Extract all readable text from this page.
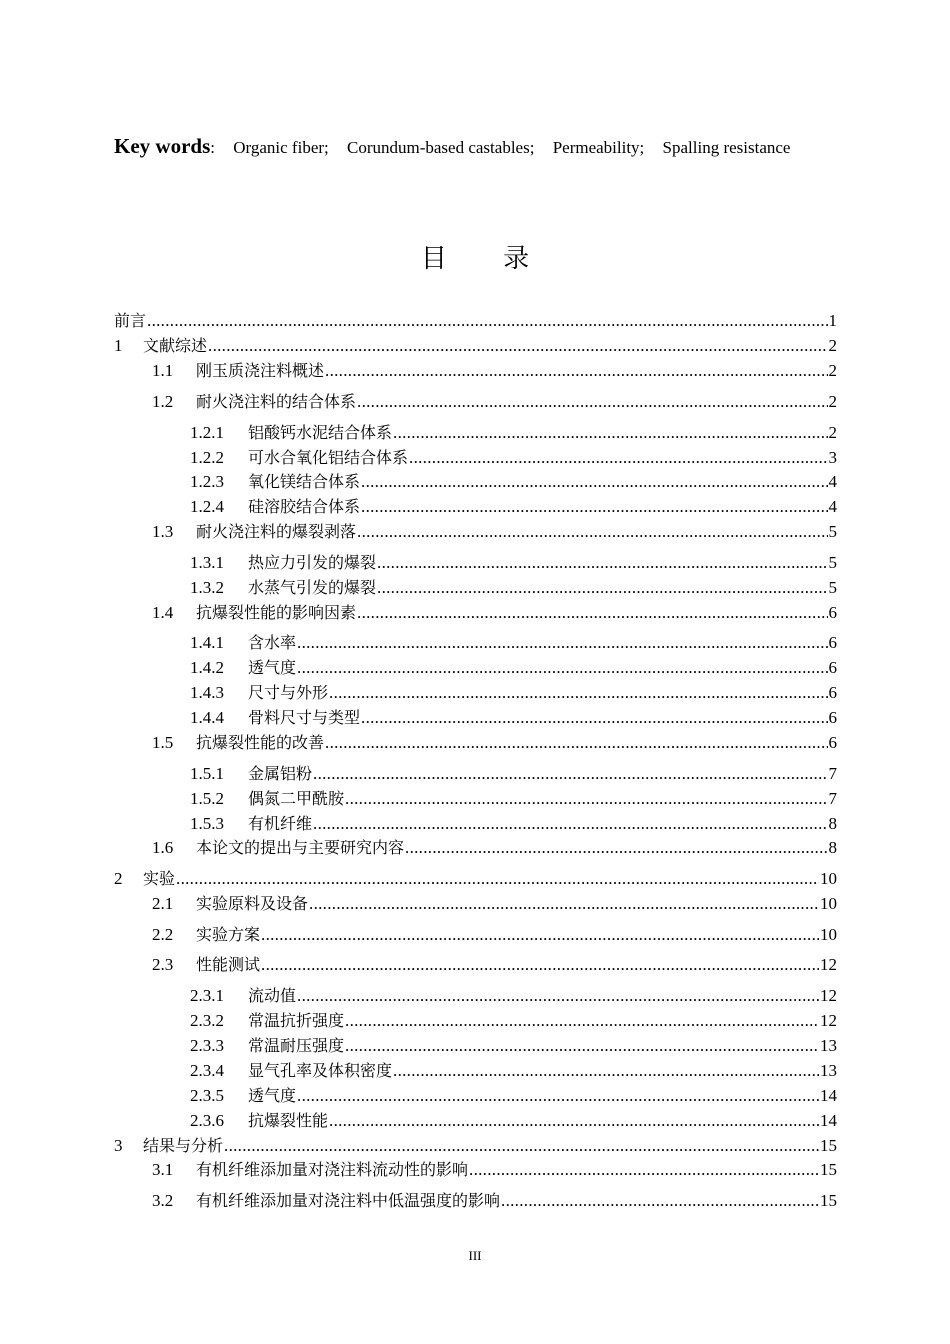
Key words: Organic fiber; Corundum-based castables; Permeability; Spalling resistance
目 录
前言 .....	1
1	文献综述 .....	2
1.1	刚玉质浇注料概述 .....	2
1.2	耐火浇注料的结合体系 .....	2
1.2.1	铝酸钙水泥结合体系 .....	2
1.2.2	可水合氧化铝结合体系 .....	3
1.2.3	氧化镁结合体系 .....	4
1.2.4	硅溶胶结合体系 .....	4
1.3	耐火浇注料的爆裂剥落 .....	5
1.3.1	热应力引发的爆裂 .....	5
1.3.2	水蒸气引发的爆裂 .....	5
1.4	抗爆裂性能的影响因素 .....	6
1.4.1	含水率 .....	6
1.4.2	透气度 .....	6
1.4.3	尺寸与外形 .....	6
1.4.4	骨料尺寸与类型 .....	6
1.5	抗爆裂性能的改善 .....	6
1.5.1	金属铝粉 .....	7
1.5.2	偶氮二甲酰胺 .....	7
1.5.3	有机纤维 .....	8
1.6	本论文的提出与主要研究内容 .....	8
2	实验 .....	10
2.1	实验原料及设备 .....	10
2.2	实验方案 .....	10
2.3	性能测试 .....	12
2.3.1	流动值 .....	12
2.3.2	常温抗折强度 .....	12
2.3.3	常温耐压强度 .....	13
2.3.4	显气孔率及体积密度 .....	13
2.3.5	透气度 .....	14
2.3.6	抗爆裂性能 .....	14
3	结果与分析 .....	15
3.1	有机纤维添加量对浇注料流动性的影响 .....	15
3.2	有机纤维添加量对浇注料中低温强度的影响 .....	15
III
